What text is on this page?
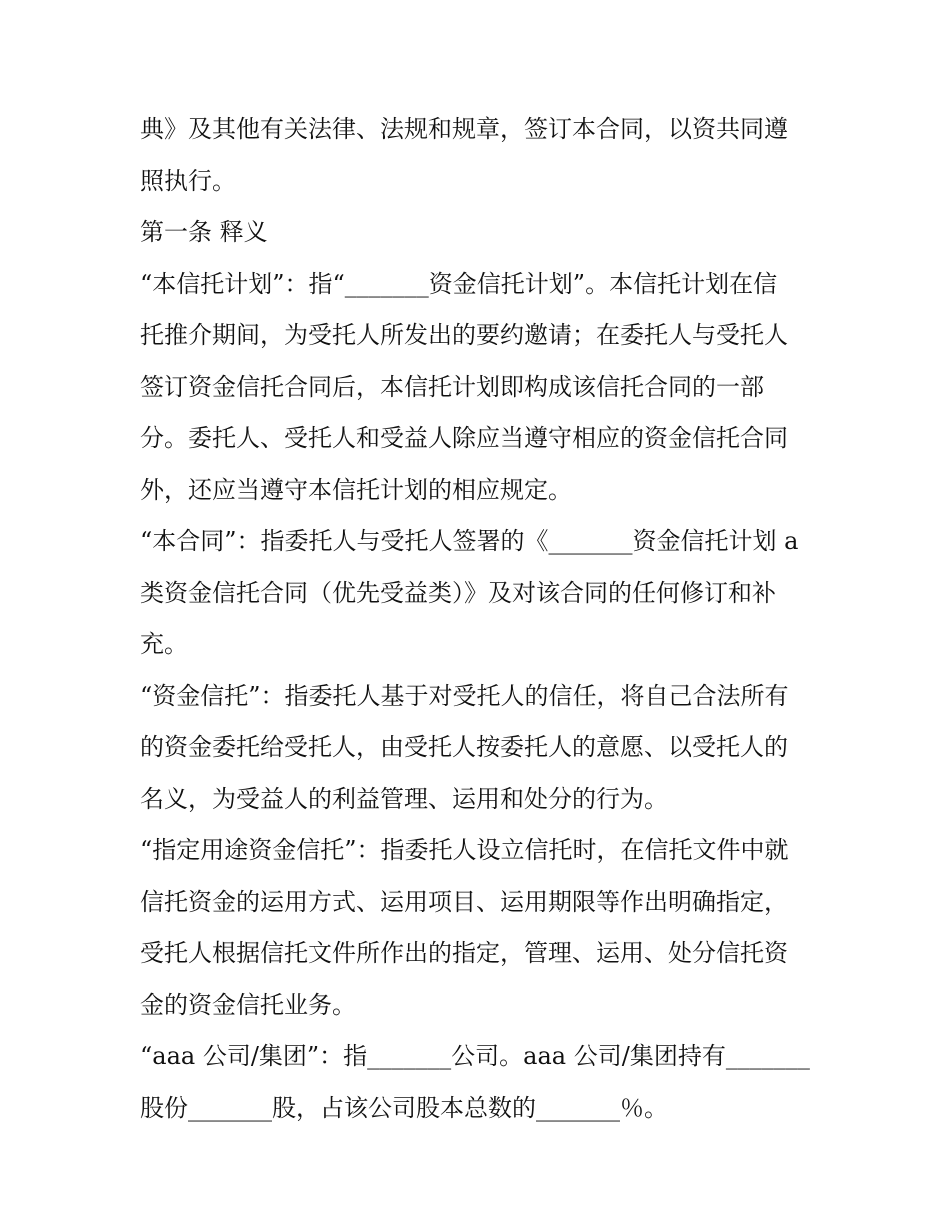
典》及其他有关法律、法规和规章，签订本合同，以资共同遵
照执行。
第一条 释义
“本信托计划”：指“_______资金信托计划”。本信托计划在信
托推介期间，为受托人所发出的要约邀请；在委托人与受托人
签订资金信托合同后，本信托计划即构成该信托合同的一部
分。委托人、受托人和受益人除应当遵守相应的资金信托合同
外，还应当遵守本信托计划的相应规定。
“本合同”：指委托人与受托人签署的《_______资金信托计划 a
类资金信托合同（优先受益类）》及对该合同的任何修订和补
充。
“资金信托”：指委托人基于对受托人的信任，将自己合法所有
的资金委托给受托人，由受托人按委托人的意愿、以受托人的
名义，为受益人的利益管理、运用和处分的行为。
“指定用途资金信托”：指委托人设立信托时，在信托文件中就
信托资金的运用方式、运用项目、运用期限等作出明确指定，
受托人根据信托文件所作出的指定，管理、运用、处分信托资
金的资金信托业务。
“aaa 公司/集团”：指_______公司。aaa 公司/集团持有_______
股份_______股，占该公司股本总数的_______％。
